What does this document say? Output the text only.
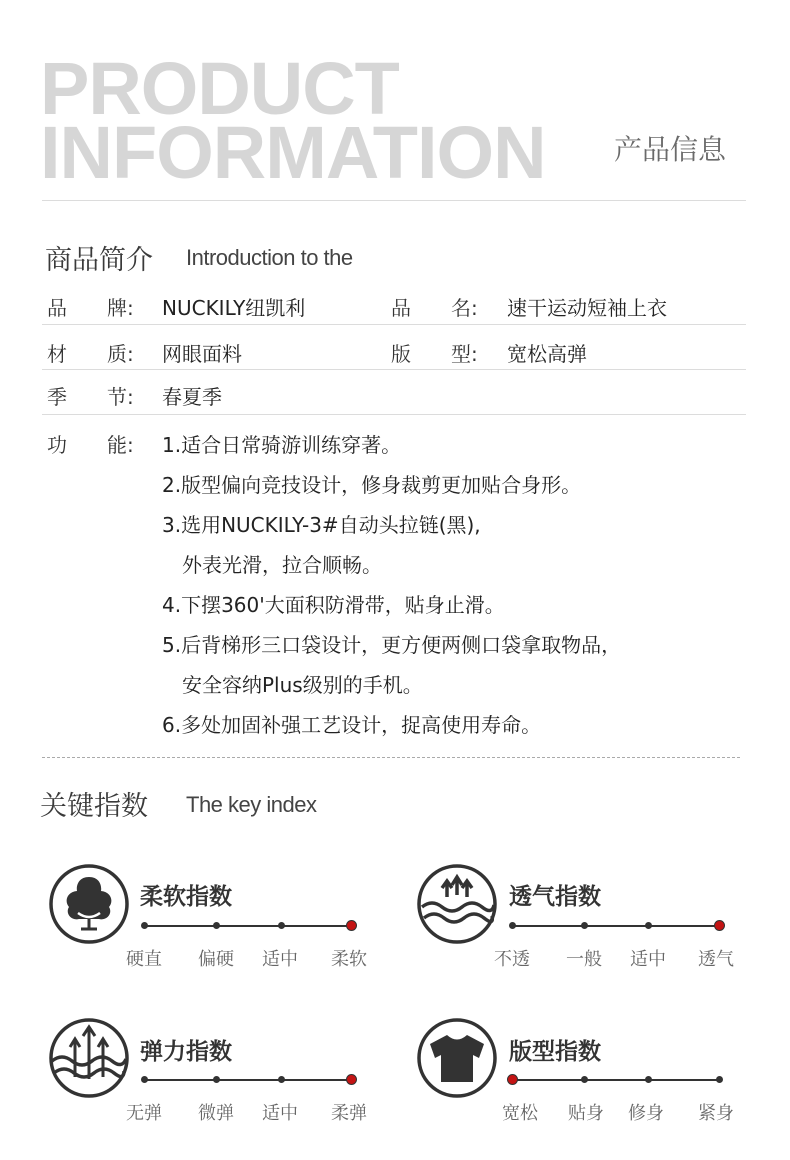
PRODUCT
INFORMATION 产品信息
商品简介 Introduction to the
品 牌: NUCKILY纽凯利	品 名: 速干运动短袖上衣
材 质: 网眼面料	版 型: 宽松高弹
季 节: 春夏季
功 能: 1.适合日常骑游训练穿著。
2.版型偏向竞技设计，修身裁剪更加贴合身形。
3.选用NUCKILY-3#自动头拉链(黑),
外表光滑，拉合顺畅。
4.下摆360'大面积防滑带，贴身止滑。
5.后背梯形三口袋设计，更方便两侧口袋拿取物品，
安全容纳Plus级别的手机。
6.多处加固补强工艺设计，捉高使用寿命。
关键指数 The key index
柔软指数
硬直	偏硬	适中	柔软
透气指数
不透	一般	适中	透气
弹力指数
无弹	微弹	适中	柔弹
版型指数
宽松	贴身	修身	紧身
